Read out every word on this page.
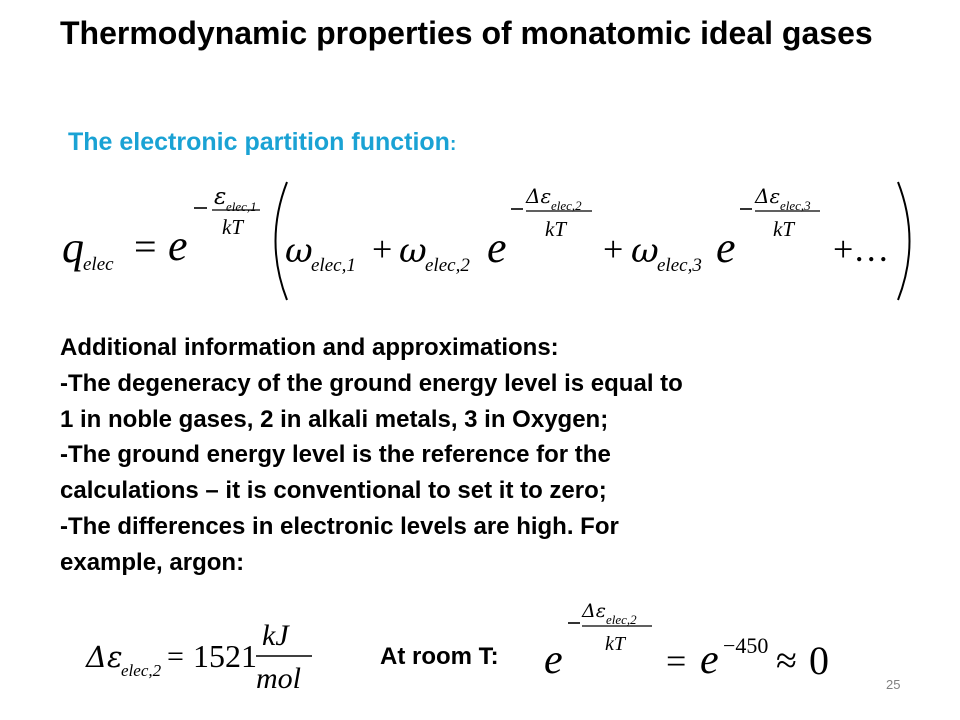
Thermodynamic properties of monatomic ideal gases
The electronic partition function:
q elec = e
ε elec,1
kT
ω
elec,1 + ω
elec,2 e
Δε elec,2
kT + ω
elec,3 e
Δε elec,3
kT +…
Additional information and approximations:
-The degeneracy of the ground energy level is equal to
1 in noble gases, 2 in alkali metals, 3 in Oxygen;
-The ground energy level is the reference for the
calculations – it is conventional to set it to zero;
-The differences in electronic levels are high. For
example, argon:
Δε
elec,2 = 1521
kJ
mol
At room T: e
Δε elec,2
kT = e −450 ≈ 0
25
